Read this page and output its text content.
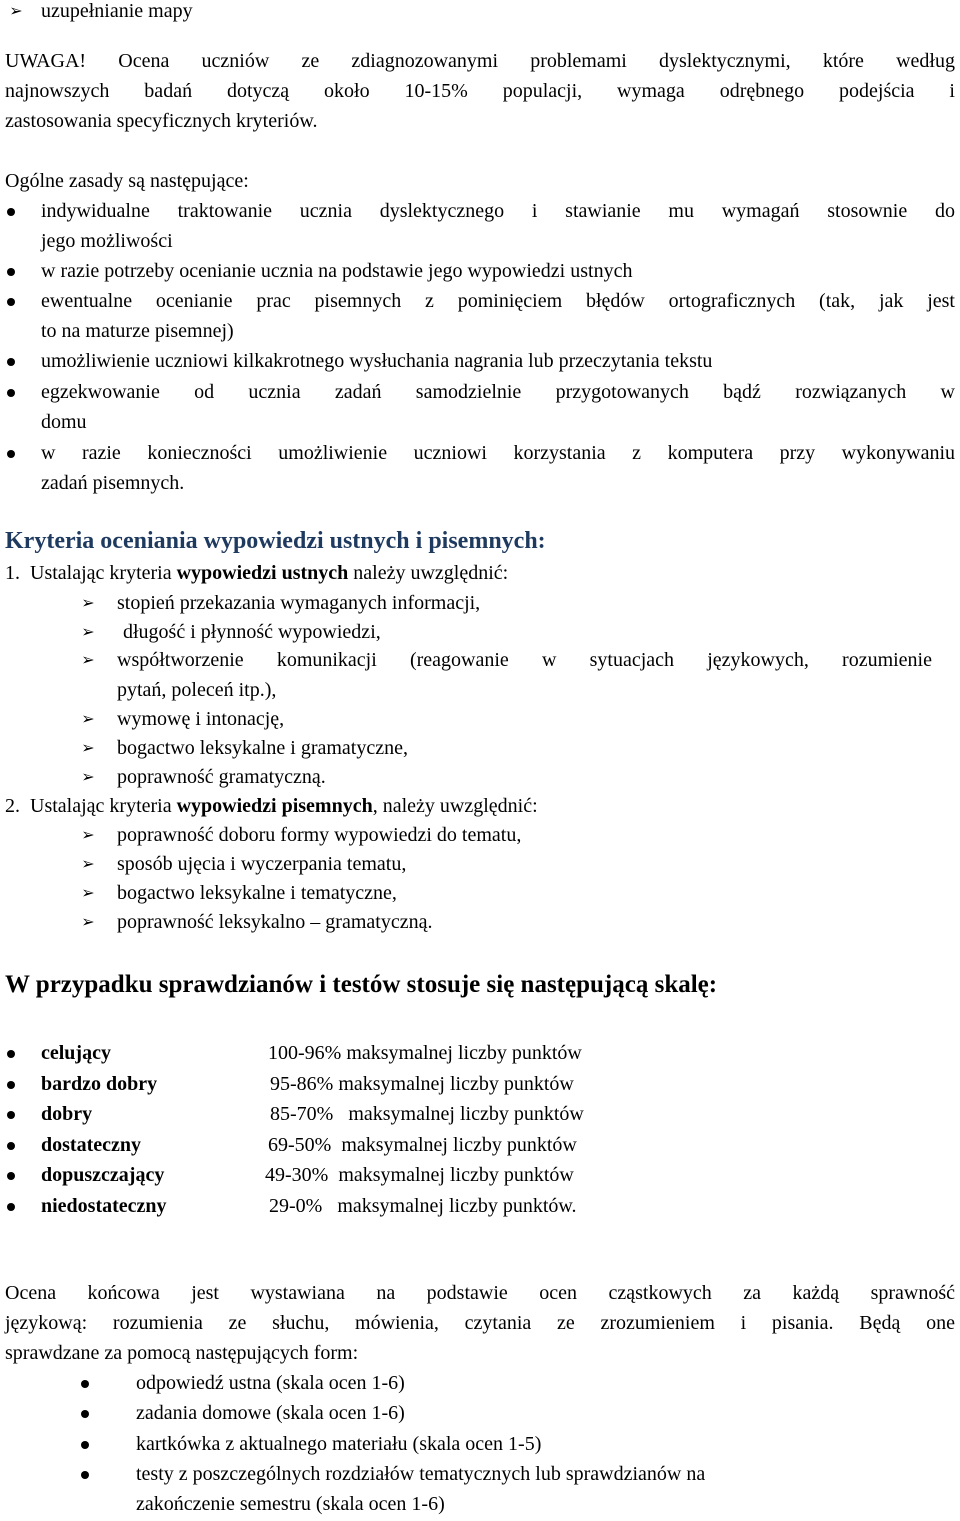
➢ uzupełnianie mapy
UWAGA! Ocena uczniów ze zdiagnozowanymi problemami dyslektycznymi, które według
najnowszych badań dotyczą około 10-15% populacji, wymaga odrębnego podejścia i
zastosowania specyficznych kryteriów.
Ogólne zasady są następujące:
indywidualne traktowanie ucznia dyslektycznego i stawianie mu wymagań stosownie do
jego możliwości
w razie potrzeby ocenianie ucznia na podstawie jego wypowiedzi ustnych
ewentualne ocenianie prac pisemnych z pominięciem błędów ortograficznych (tak, jak jest
to na maturze pisemnej)
umożliwienie uczniowi kilkakrotnego wysłuchania nagrania lub przeczytania tekstu
egzekwowanie od ucznia zadań samodzielnie przygotowanych bądź rozwiązanych w
domu
w razie konieczności umożliwienie uczniowi korzystania z komputera przy wykonywaniu
zadań pisemnych.
Kryteria oceniania wypowiedzi ustnych i pisemnych:
1. Ustalając kryteria wypowiedzi ustnych należy uwzględnić:
➢ stopień przekazania wymaganych informacji,
➢ długość i płynność wypowiedzi,
➢ współtworzenie komunikacji (reagowanie w sytuacjach językowych, rozumienie
pytań, poleceń itp.),
➢ wymowę i intonację,
➢ bogactwo leksykalne i gramatyczne,
➢ poprawność gramatyczną.
2. Ustalając kryteria wypowiedzi pisemnych, należy uwzględnić:
➢ poprawność doboru formy wypowiedzi do tematu,
➢ sposób ujęcia i wyczerpania tematu,
➢ bogactwo leksykalne i tematyczne,
➢ poprawność leksykalno – gramatyczną.
W przypadku sprawdzianów i testów stosuje się następującą skalę:
celujący	100-96% maksymalnej liczby punktów
bardzo dobry	95-86% maksymalnej liczby punktów
dobry	85-70%   maksymalnej liczby punktów
dostateczny	69-50%  maksymalnej liczby punktów
dopuszczający	49-30%  maksymalnej liczby punktów
niedostateczny	29-0%   maksymalnej liczby punktów.
Ocena końcowa jest wystawiana na podstawie ocen cząstkowych za każdą sprawność
językową: rozumienia ze słuchu, mówienia, czytania ze zrozumieniem i pisania. Będą one
sprawdzane za pomocą następujących form:
odpowiedź ustna (skala ocen 1-6)
zadania domowe (skala ocen 1-6)
kartkówka z aktualnego materiału (skala ocen 1-5)
testy z poszczególnych rozdziałów tematycznych lub sprawdzianów na
zakończenie semestru (skala ocen 1-6)
